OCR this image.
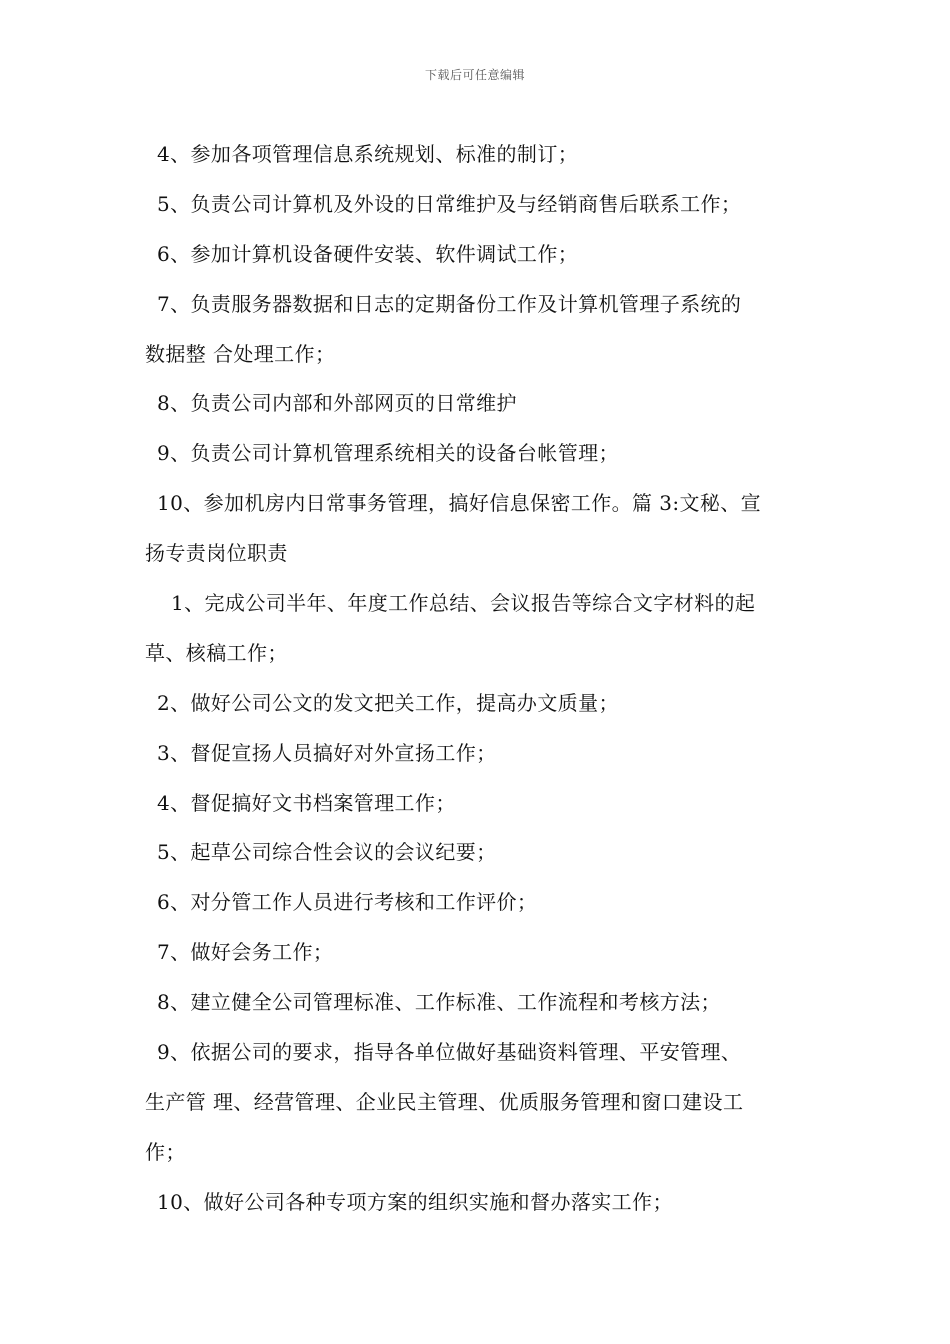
下载后可任意编辑
4、参加各项管理信息系统规划、标准的制订；
5、负责公司计算机及外设的日常维护及与经销商售后联系工作；
6、参加计算机设备硬件安装、软件调试工作；
7、负责服务器数据和日志的定期备份工作及计算机管理子系统的
数据整 合处理工作；
8、负责公司内部和外部网页的日常维护
9、负责公司计算机管理系统相关的设备台帐管理；
10、参加机房内日常事务管理，搞好信息保密工作。篇 3:文秘、宣
扬专责岗位职责
1、完成公司半年、年度工作总结、会议报告等综合文字材料的起
草、核稿工作；
2、做好公司公文的发文把关工作，提高办文质量；
3、督促宣扬人员搞好对外宣扬工作；
4、督促搞好文书档案管理工作；
5、起草公司综合性会议的会议纪要；
6、对分管工作人员进行考核和工作评价；
7、做好会务工作；
8、建立健全公司管理标准、工作标准、工作流程和考核方法；
9、依据公司的要求，指导各单位做好基础资料管理、平安管理、
生产管 理、经营管理、企业民主管理、优质服务管理和窗口建设工
作；
10、做好公司各种专项方案的组织实施和督办落实工作；
